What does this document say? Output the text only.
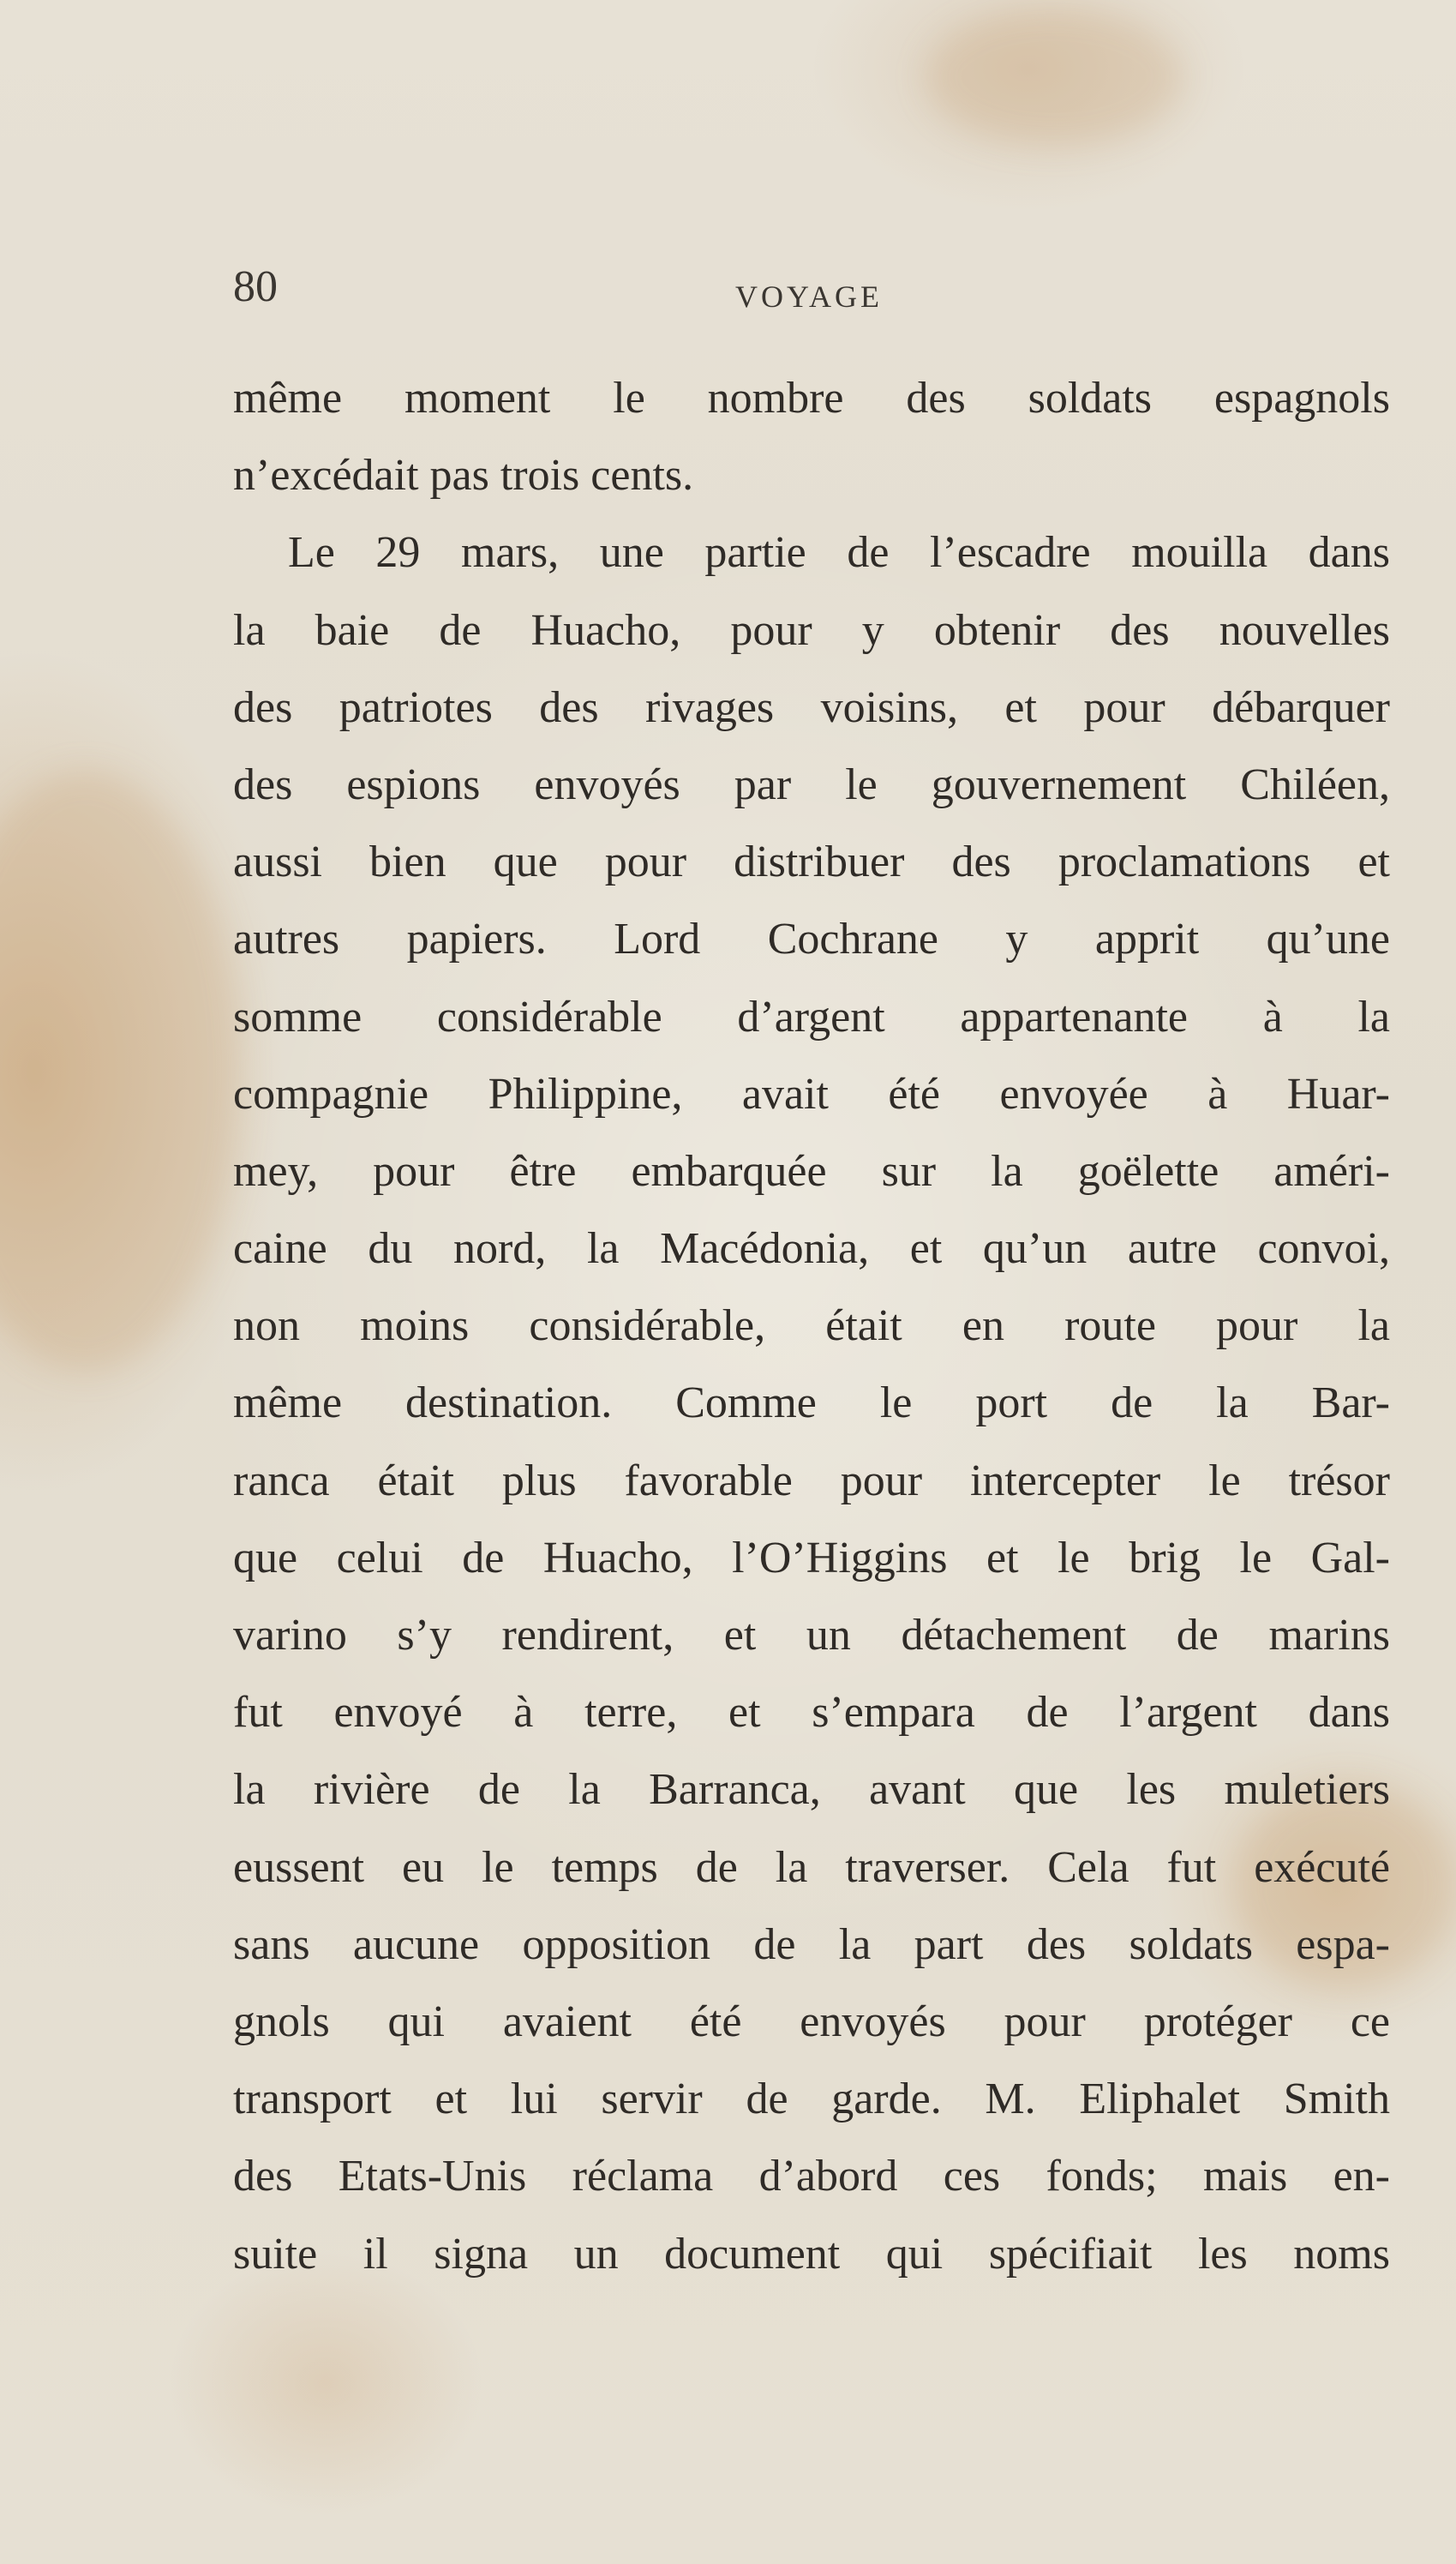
80	VOYAGE
même moment le nombre des soldats espagnols
n’excédait pas trois cents.
Le 29 mars, une partie de l’escadre mouilla dans
la baie de Huacho, pour y obtenir des nouvelles
des patriotes des rivages voisins, et pour débarquer
des espions envoyés par le gouvernement Chiléen,
aussi bien que pour distribuer des proclamations et
autres papiers. Lord Cochrane y apprit qu’une
somme considérable d’argent appartenante à la
compagnie Philippine, avait été envoyée à Huar-
mey, pour être embarquée sur la goëlette améri-
caine du nord, la Macédonia, et qu’un autre convoi,
non moins considérable, était en route pour la
même destination. Comme le port de la Bar-
ranca était plus favorable pour intercepter le trésor
que celui de Huacho, l’O’Higgins et le brig le Gal-
varino s’y rendirent, et un détachement de marins
fut envoyé à terre, et s’empara de l’argent dans
la rivière de la Barranca, avant que les muletiers
eussent eu le temps de la traverser. Cela fut exécuté
sans aucune opposition de la part des soldats espa-
gnols qui avaient été envoyés pour protéger ce
transport et lui servir de garde. M. Eliphalet Smith
des Etats-Unis réclama d’abord ces fonds; mais en-
suite il signa un document qui spécifiait les noms
